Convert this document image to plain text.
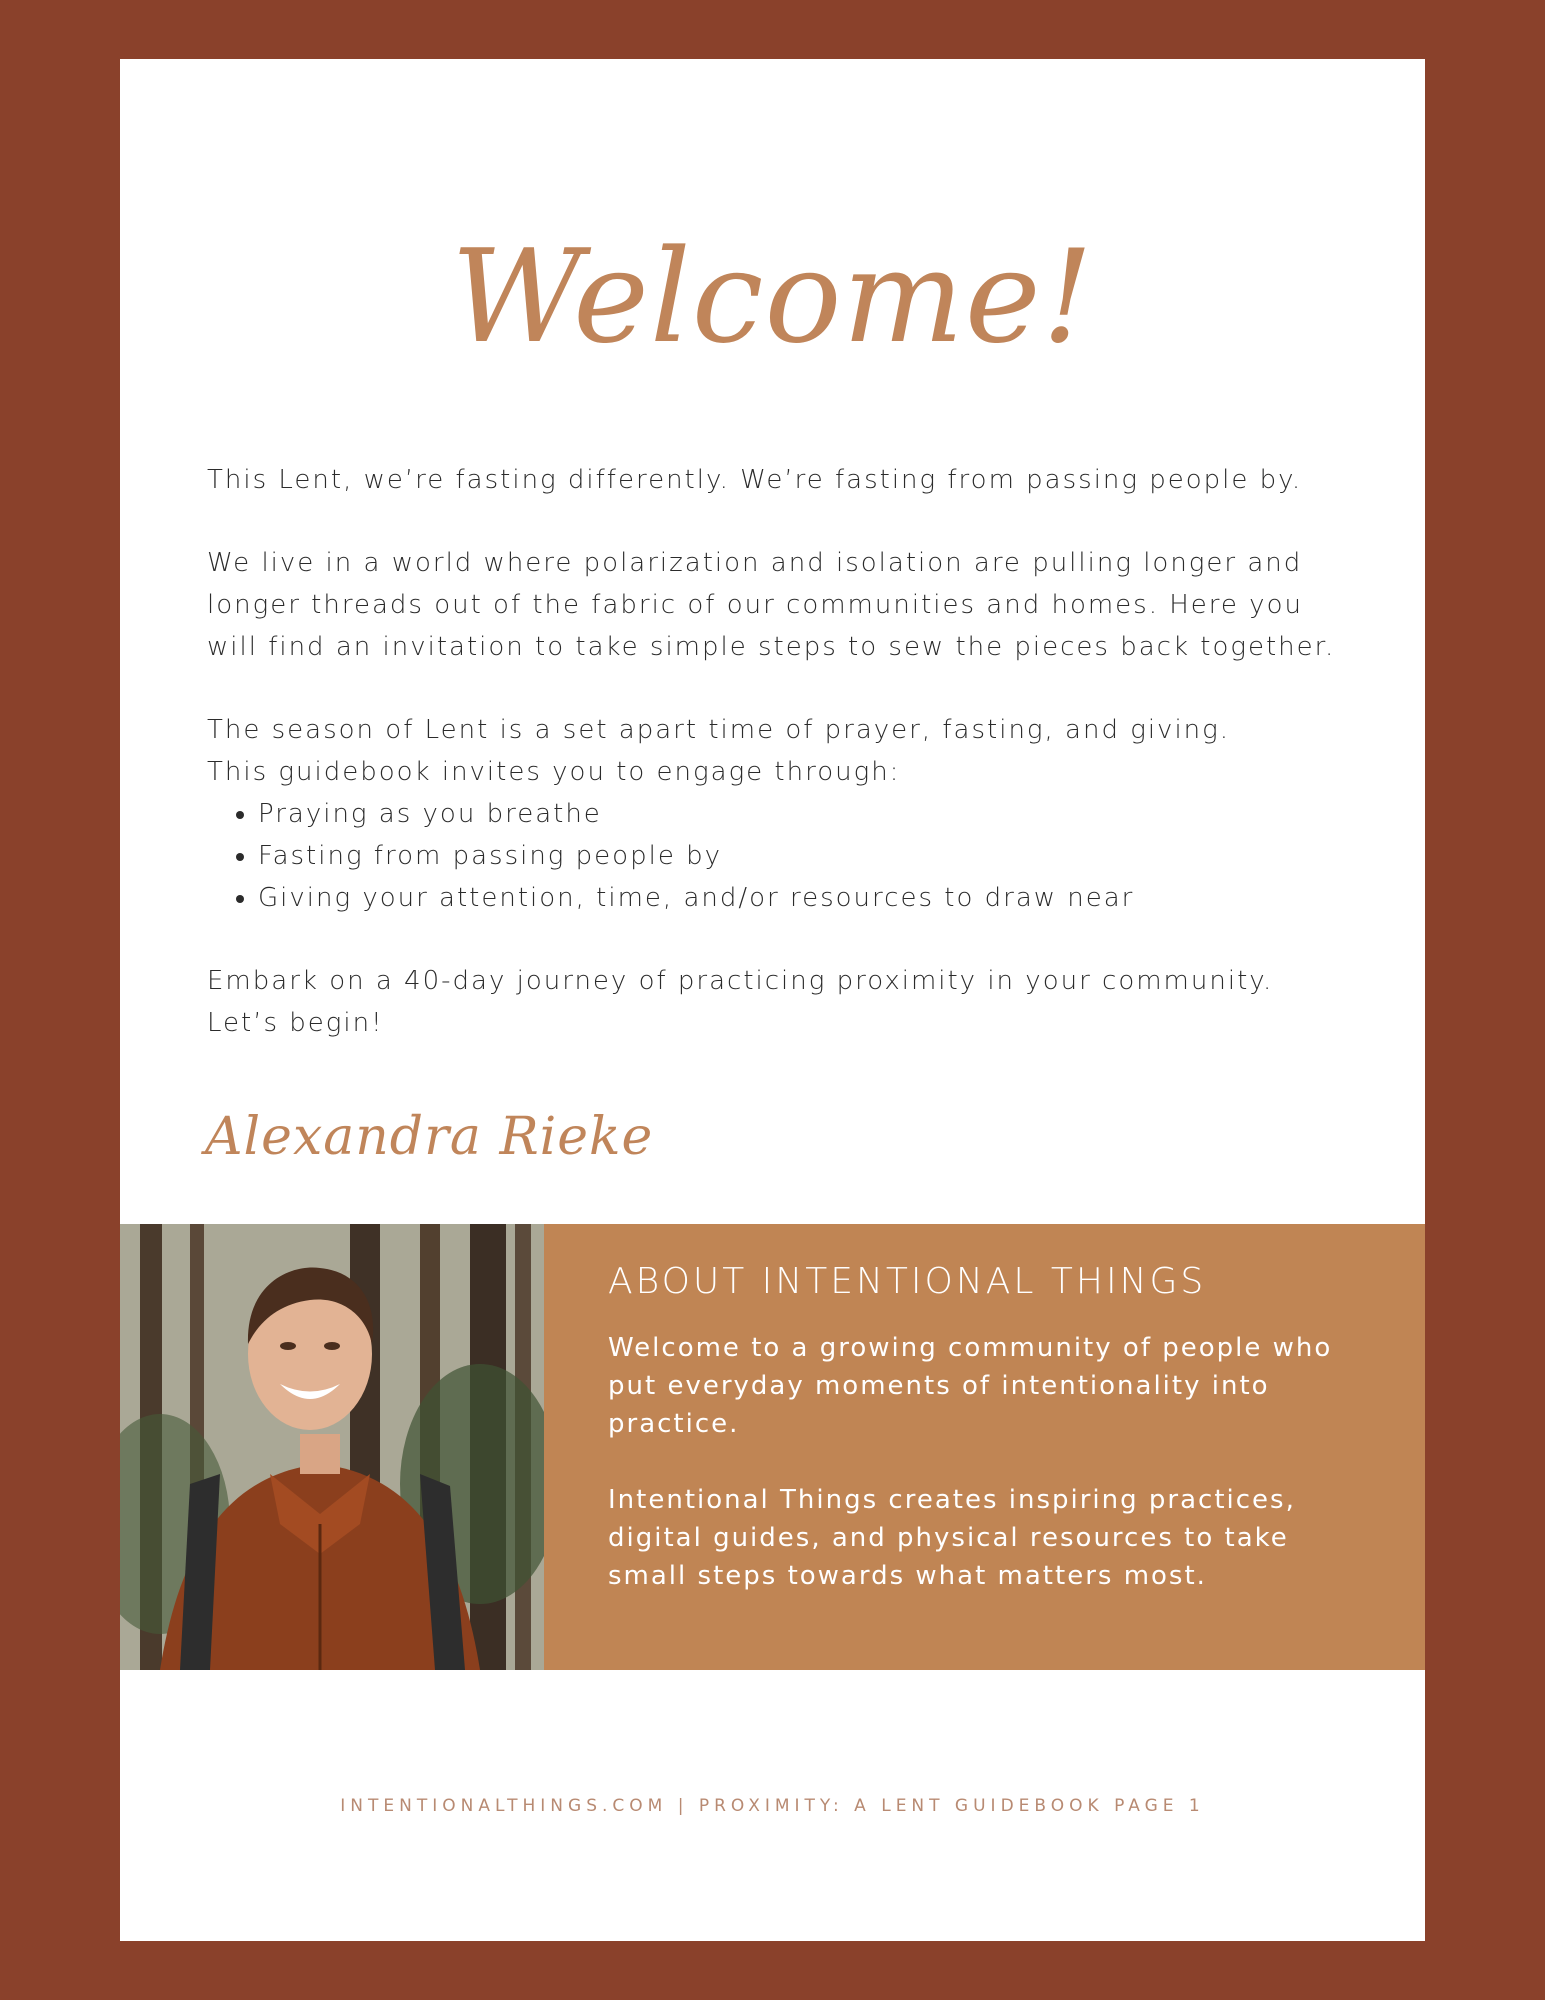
Welcome!

This Lent, we’re fasting differently. We’re fasting from passing people by.

We live in a world where polarization and isolation are pulling longer and longer threads out of the fabric of our communities and homes. Here you will find an invitation to take simple steps to sew the pieces back together.

The season of Lent is a set apart time of prayer, fasting, and giving.

This guidebook invites you to engage through:

• Praying as you breathe
• Fasting from passing people by
• Giving your attention, time, and/or resources to draw near

Embark on a 40-day journey of practicing proximity in your community.

Let’s begin!

Alexandra Rieke
ABOUT INTENTIONAL THINGS

Welcome to a growing community of people who put everyday moments of intentionality into practice.

Intentional Things creates inspiring practices, digital guides, and physical resources to take small steps towards what matters most.

INTENTIONALTHINGS.COM | PROXIMITY: A LENT GUIDEBOOK PAGE 1
